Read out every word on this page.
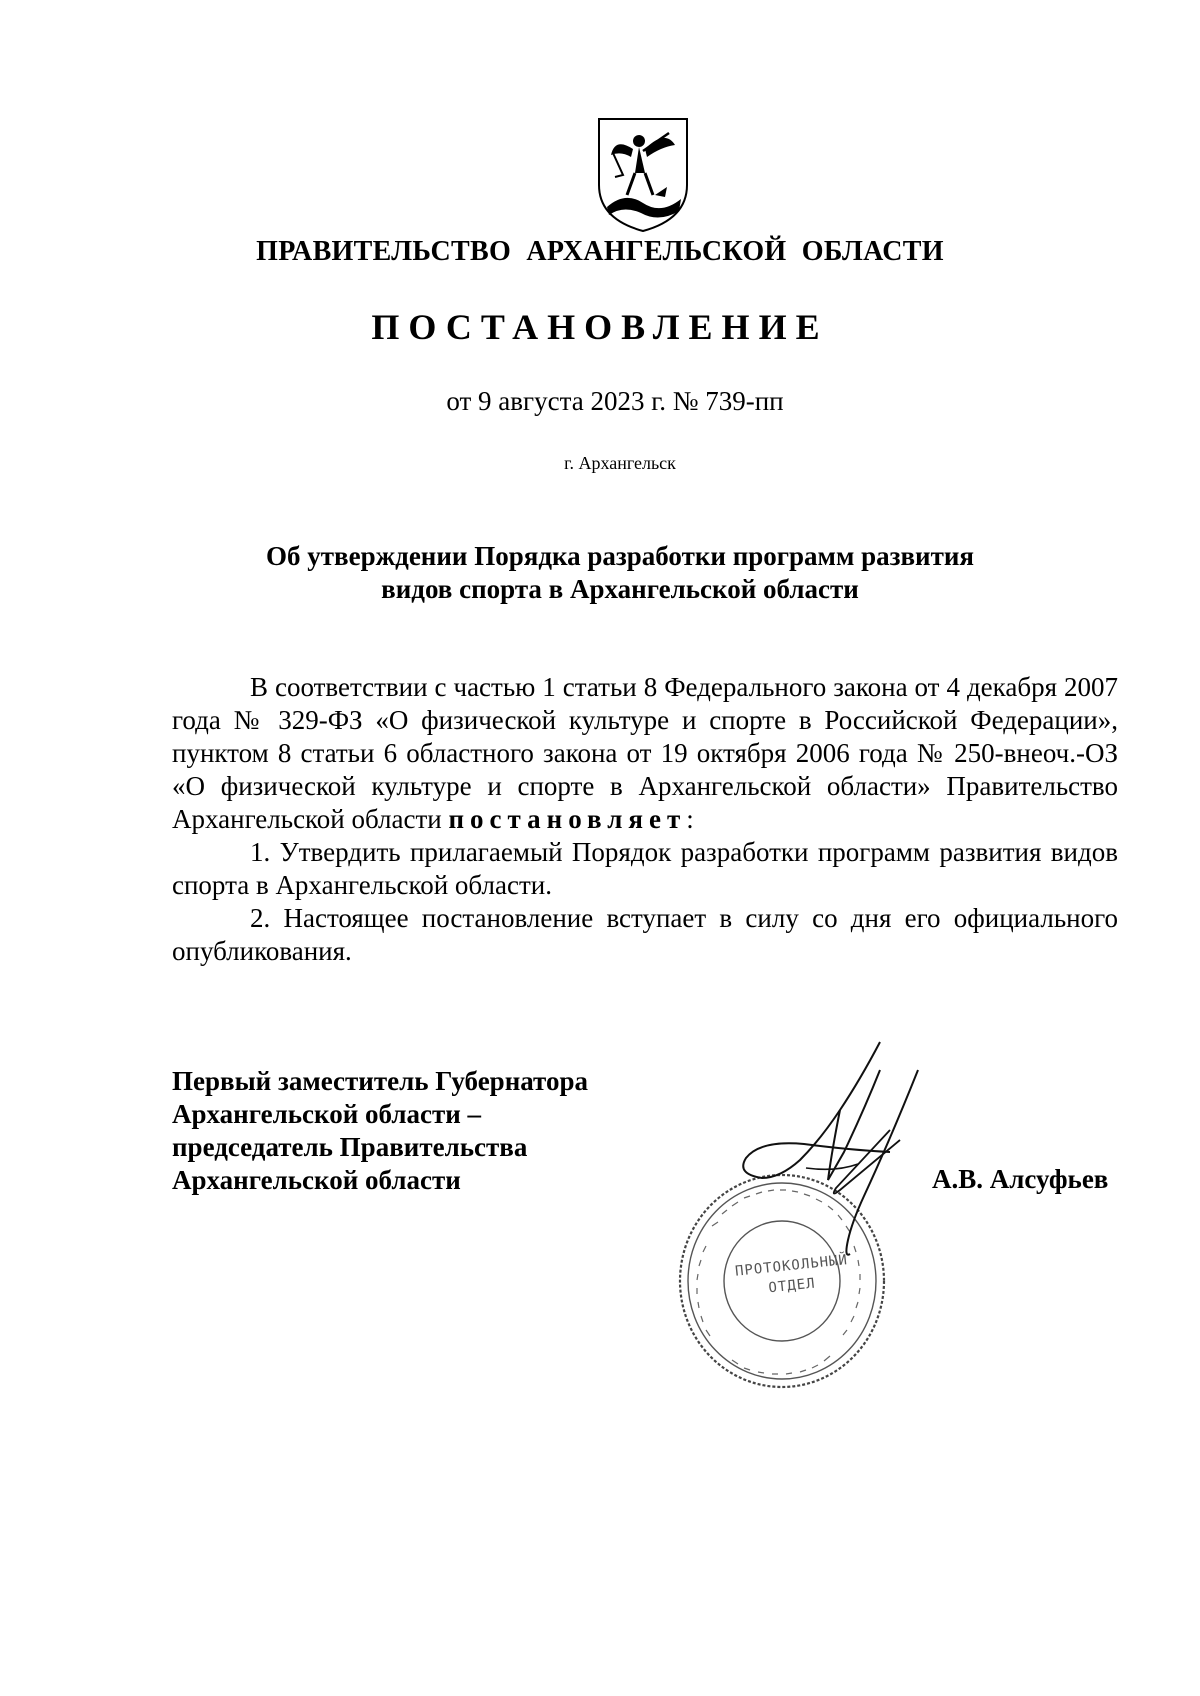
ПРАВИТЕЛЬСТВО АРХАНГЕЛЬСКОЙ ОБЛАСТИ
ПОСТАНОВЛЕНИЕ
от 9 августа 2023 г. № 739-пп
г. Архангельск
Об утверждении Порядка разработки программ развития
видов спорта в Архангельской области

В соответствии с частью 1 статьи 8 Федерального закона от 4 декабря 2007 года № 329-ФЗ «О физической культуре и спорте в Российской Федерации», пунктом 8 статьи 6 областного закона от 19 октября 2006 года № 250-внеоч.-ОЗ «О физической культуре и спорте в Архангельской области» Правительство Архангельской области постановляет:

1. Утвердить прилагаемый Порядок разработки программ развития видов спорта в Архангельской области.

2. Настоящее постановление вступает в силу со дня его официального опубликования.

Первый заместитель Губернатора
Архангельской области –
председатель Правительства
Архангельской области
ПРОТОКОЛЬНЫЙ
ОТДЕЛ
А.В. Алсуфьев
